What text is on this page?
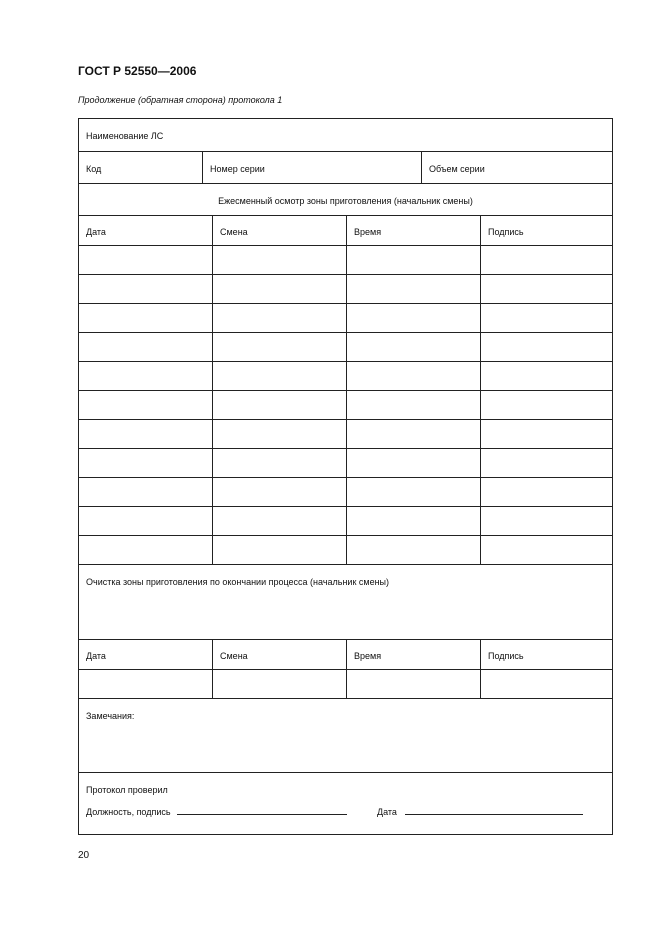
ГОСТ Р 52550—2006
Продолжение (обратная сторона) протокола 1
Наименование ЛС
Код	Номер серии	Объем серии
Ежесменный осмотр зоны приготовления (начальник смены)
Дата	Смена	Время	Подпись
Очистка зоны приготовления по окончании процесса (начальник смены)
Дата	Смена	Время	Подпись
Замечания:
Протокол проверил
Должность, подпись	Дата
20
